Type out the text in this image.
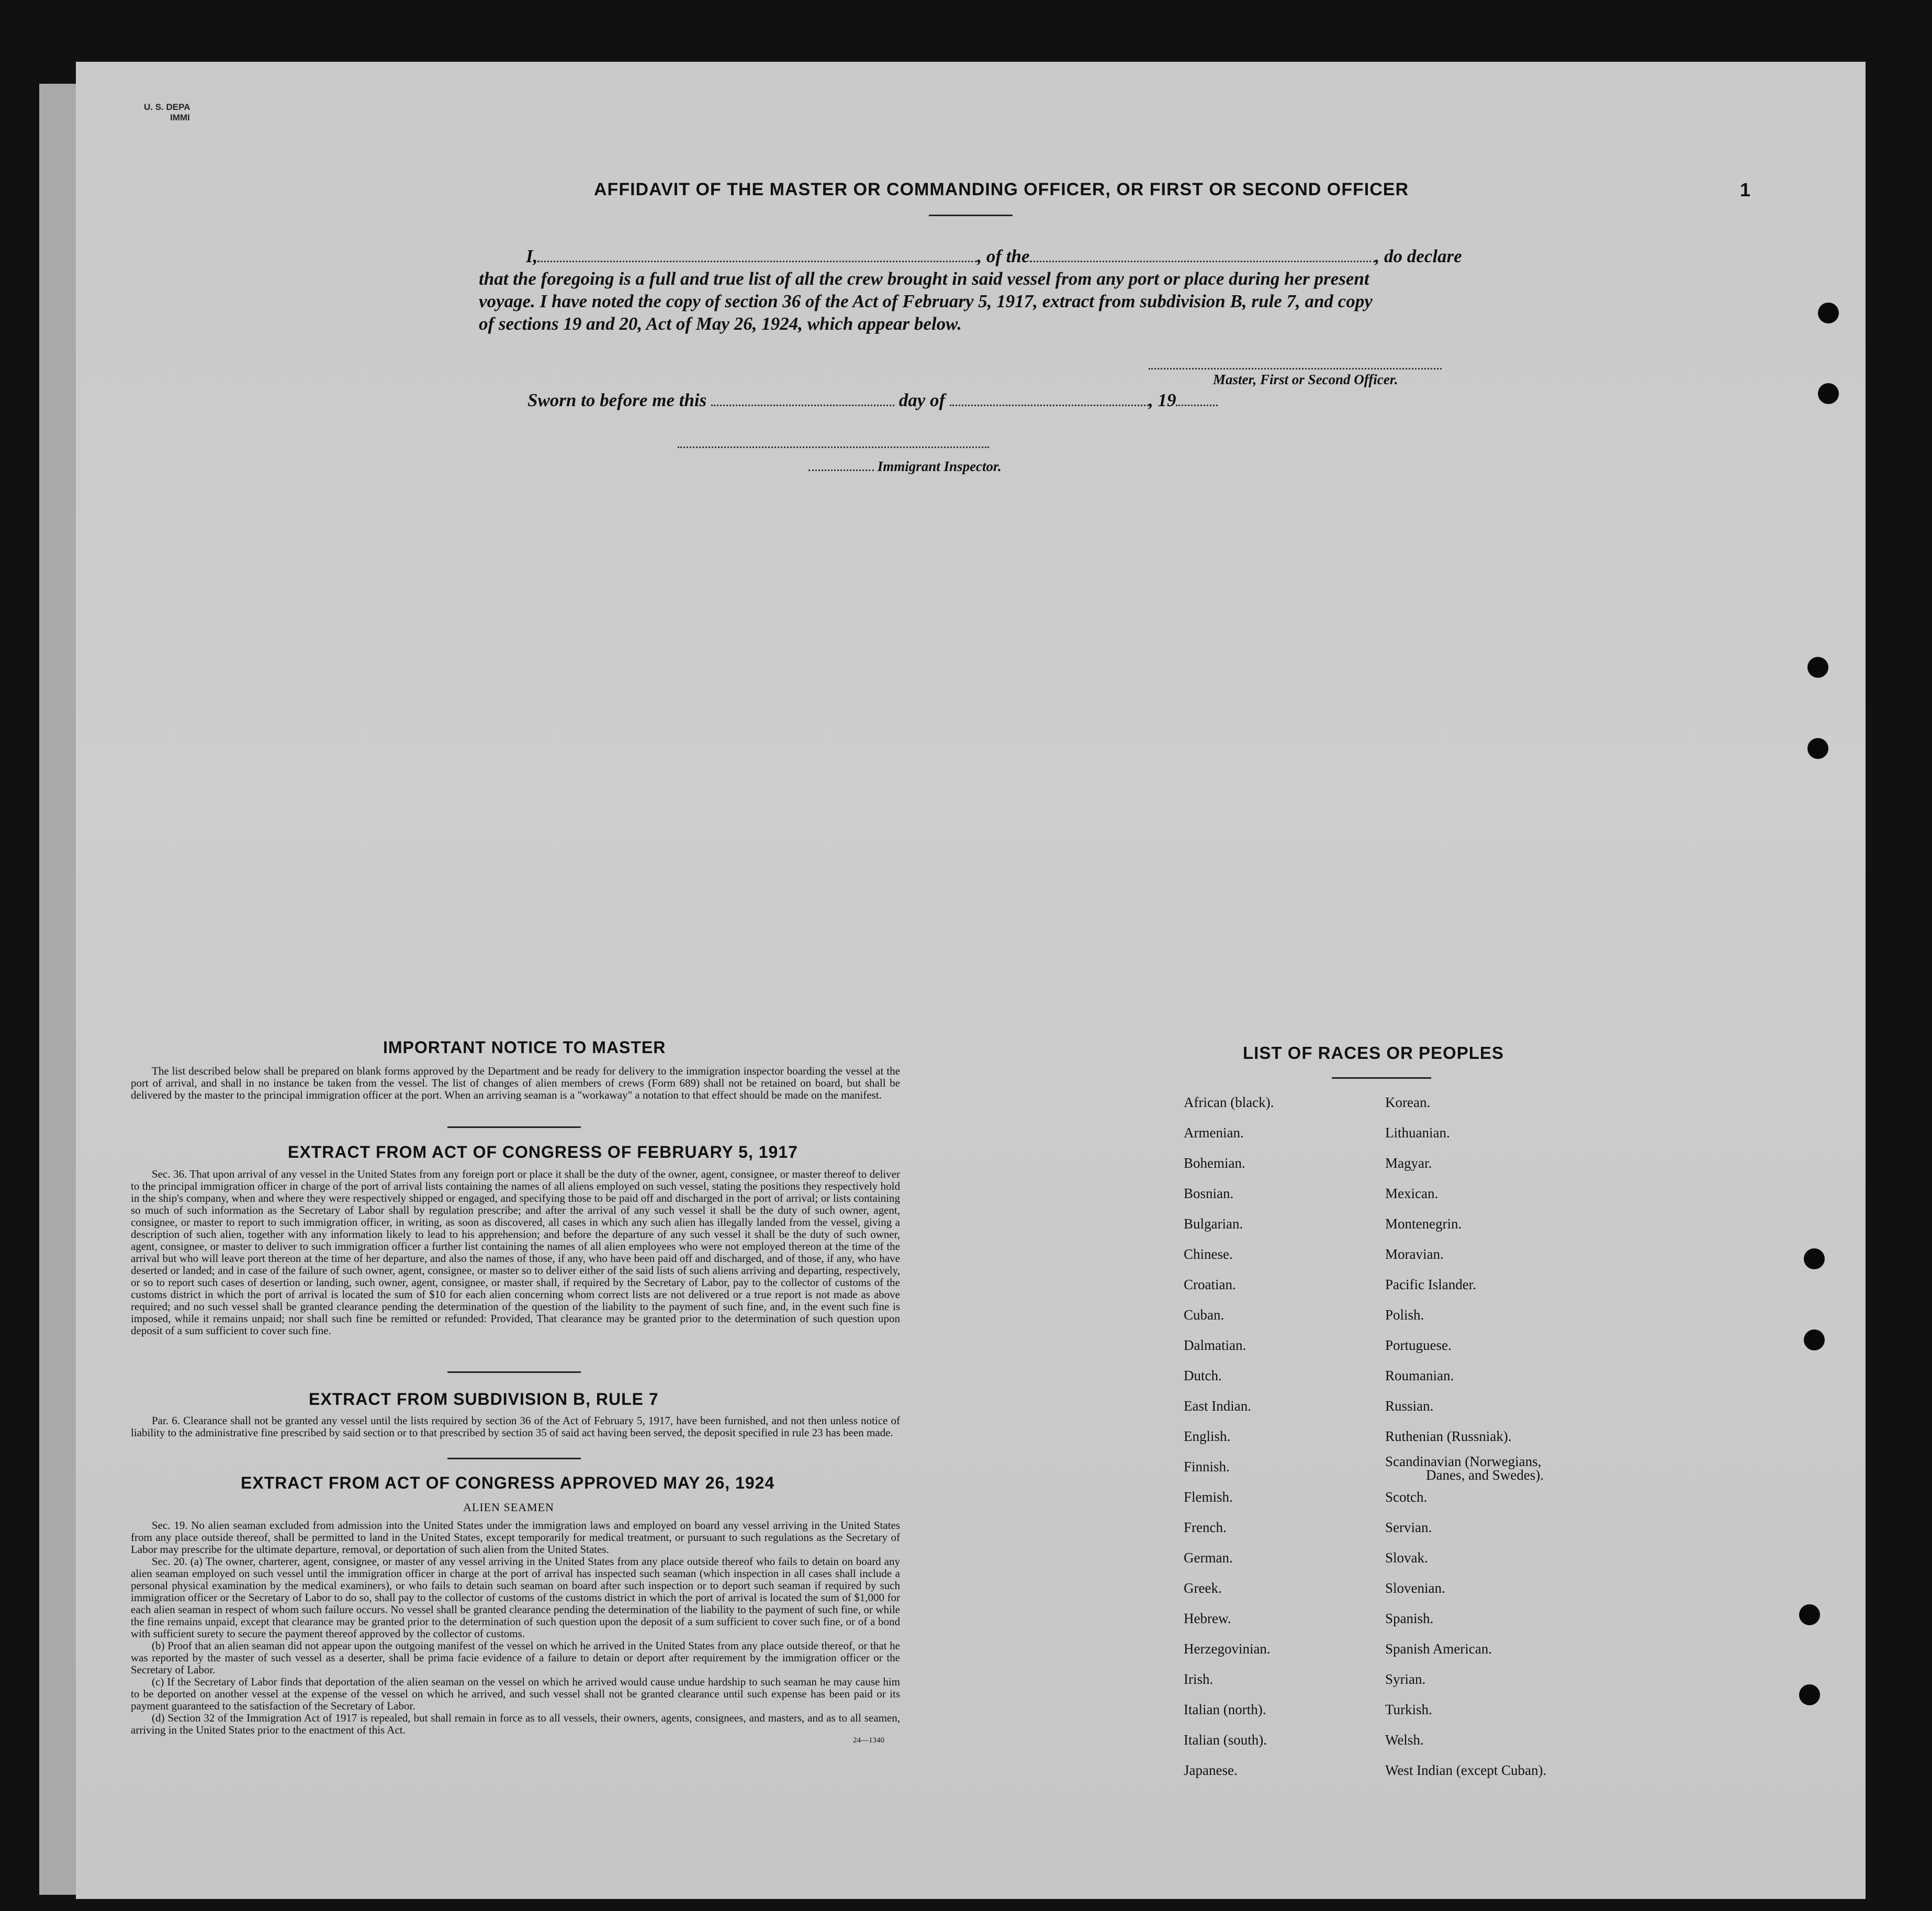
U. S. DEPA
IMMI
1
AFFIDAVIT OF THE MASTER OR COMMANDING OFFICER, OR FIRST OR SECOND OFFICER
I,	, of the	, do declare
that the foregoing is a full and true list of all the crew brought in said vessel from any port or place during her present
voyage. I have noted the copy of section 36 of the Act of February 5, 1917, extract from subdivision B, rule 7, and copy
of sections 19 and 20, Act of May 26, 1924, which appear below.
Master, First or Second Officer.
Sworn to before me this	day of	, 19
Immigrant Inspector.
IMPORTANT NOTICE TO MASTER
The list described below shall be prepared on blank forms approved by the Department and be ready for delivery to the immigration inspector boarding the vessel at the port of arrival, and shall in no instance be taken from the vessel. The list of changes of alien members of crews (Form 689) shall not be retained on board, but shall be delivered by the master to the principal immigration officer at the port. When an arriving seaman is a "workaway" a notation to that effect should be made on the manifest.
EXTRACT FROM ACT OF CONGRESS OF FEBRUARY 5, 1917
Sec. 36. That upon arrival of any vessel in the United States from any foreign port or place it shall be the duty of the owner, agent, consignee, or master thereof to deliver to the principal immigration officer in charge of the port of arrival lists containing the names of all aliens employed on such vessel, stating the positions they respectively hold in the ship's company, when and where they were respectively shipped or engaged, and specifying those to be paid off and discharged in the port of arrival; or lists containing so much of such information as the Secretary of Labor shall by regulation prescribe; and after the arrival of any such vessel it shall be the duty of such owner, agent, consignee, or master to report to such immigration officer, in writing, as soon as discovered, all cases in which any such alien has illegally landed from the vessel, giving a description of such alien, together with any information likely to lead to his apprehension; and before the departure of any such vessel it shall be the duty of such owner, agent, consignee, or master to deliver to such immigration officer a further list containing the names of all alien employees who were not employed thereon at the time of the arrival but who will leave port thereon at the time of her departure, and also the names of those, if any, who have been paid off and discharged, and of those, if any, who have deserted or landed; and in case of the failure of such owner, agent, consignee, or master so to deliver either of the said lists of such aliens arriving and departing, respectively, or so to report such cases of desertion or landing, such owner, agent, consignee, or master shall, if required by the Secretary of Labor, pay to the collector of customs of the customs district in which the port of arrival is located the sum of $10 for each alien concerning whom correct lists are not delivered or a true report is not made as above required; and no such vessel shall be granted clearance pending the determination of the question of the liability to the payment of such fine, and, in the event such fine is imposed, while it remains unpaid; nor shall such fine be remitted or refunded: Provided, That clearance may be granted prior to the determination of such question upon deposit of a sum sufficient to cover such fine.
EXTRACT FROM SUBDIVISION B, RULE 7
Par. 6. Clearance shall not be granted any vessel until the lists required by section 36 of the Act of February 5, 1917, have been furnished, and not then unless notice of liability to the administrative fine prescribed by said section or to that prescribed by section 35 of said act having been served, the deposit specified in rule 23 has been made.
EXTRACT FROM ACT OF CONGRESS APPROVED MAY 26, 1924
ALIEN SEAMEN
Sec. 19. No alien seaman excluded from admission into the United States under the immigration laws and employed on board any vessel arriving in the United States from any place outside thereof, shall be permitted to land in the United States, except temporarily for medical treatment, or pursuant to such regulations as the Secretary of Labor may prescribe for the ultimate departure, removal, or deportation of such alien from the United States.
Sec. 20. (a) The owner, charterer, agent, consignee, or master of any vessel arriving in the United States from any place outside thereof who fails to detain on board any alien seaman employed on such vessel until the immigration officer in charge at the port of arrival has inspected such seaman (which inspection in all cases shall include a personal physical examination by the medical examiners), or who fails to detain such seaman on board after such inspection or to deport such seaman if required by such immigration officer or the Secretary of Labor to do so, shall pay to the collector of customs of the customs district in which the port of arrival is located the sum of $1,000 for each alien seaman in respect of whom such failure occurs. No vessel shall be granted clearance pending the determination of the liability to the payment of such fine, or while the fine remains unpaid, except that clearance may be granted prior to the determination of such question upon the deposit of a sum sufficient to cover such fine, or of a bond with sufficient surety to secure the payment thereof approved by the collector of customs.
(b) Proof that an alien seaman did not appear upon the outgoing manifest of the vessel on which he arrived in the United States from any place outside thereof, or that he was reported by the master of such vessel as a deserter, shall be prima facie evidence of a failure to detain or deport after requirement by the immigration officer or the Secretary of Labor.
(c) If the Secretary of Labor finds that deportation of the alien seaman on the vessel on which he arrived would cause undue hardship to such seaman he may cause him to be deported on another vessel at the expense of the vessel on which he arrived, and such vessel shall not be granted clearance until such expense has been paid or its payment guaranteed to the satisfaction of the Secretary of Labor.
(d) Section 32 of the Immigration Act of 1917 is repealed, but shall remain in force as to all vessels, their owners, agents, consignees, and masters, and as to all seamen, arriving in the United States prior to the enactment of this Act.
24—1340
LIST OF RACES OR PEOPLES
African (black).
Armenian.
Bohemian.
Bosnian.
Bulgarian.
Chinese.
Croatian.
Cuban.
Dalmatian.
Dutch.
East Indian.
English.
Finnish.
Flemish.
French.
German.
Greek.
Hebrew.
Herzegovinian.
Irish.
Italian (north).
Italian (south).
Japanese.
Korean.
Lithuanian.
Magyar.
Mexican.
Montenegrin.
Moravian.
Pacific Islander.
Polish.
Portuguese.
Roumanian.
Russian.
Ruthenian (Russniak).
Scandinavian (Norwegians,
Danes, and Swedes).
Scotch.
Servian.
Slovak.
Slovenian.
Spanish.
Spanish American.
Syrian.
Turkish.
Welsh.
West Indian (except Cuban).
